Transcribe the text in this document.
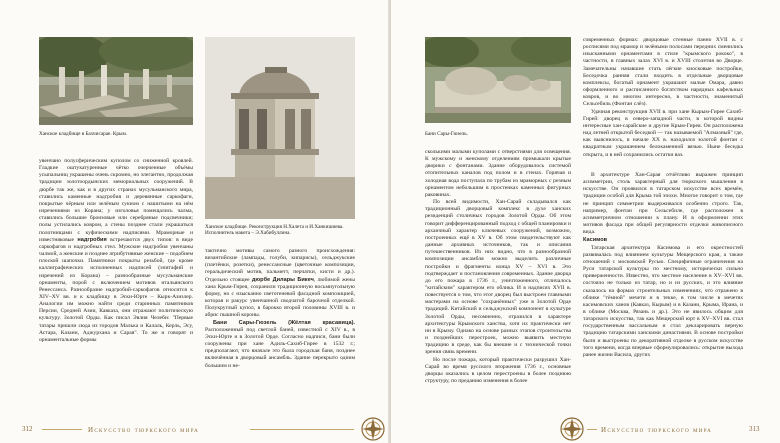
Ханское кладбище в Бахчисарае. Крым.
Ханское кладбище. Реконструкция Н.Халета и И.Ханкишиева. Исполнитель макета – Э.Хабибуллина.

увенчано полусферическим куполом со сниженной кровлей. Гладкие оштукатуренные чётко очерченные объёмы усыпальниц украшены очень скромно, но элегантно, продолжая традиции золотоордынских мемориальных сооружений. В дюрбе так же, как и в других странах мусульманского мира, ставились каменные надгробия и деревянные саркофаги, покрытые чёрным или зелёным сукном с нашитыми на нём изречениями из Корана; у изголовья помещались чалма, ставились большие бронзовые или серебряные подсвечники; полы устилались ковром, а стены позднее стали украшаться полотнищами с куфическими надписями. Мраморные и известняковые надгробия встречаются двух типов: в виде саркофагов и надгробных стел. Мужские надгробия увенчаны чалмой, а женские и позднее атрибутивные женские – подобием плоской шапочки. Памятники покрыты резьбой, где кроме каллиграфических исполненных надписей (эпитафий и изречений из Корана) – разнообразные мусульманские орнаменты, порой с включением мотивов итальянского Ренессанса. Разнообразие надгробий-саркофагов относится к XIV–XV вв. и к кладбищу в Эски-Юрте – Кырк-Азизлер. Аналогии им можно найти среди старинных памятников Персии, Средней Азии, Кавказа, они отражают политическую культуру. Золотой Орды. Как писал Эвлия Челеби: "Первые татары пришли сюда из городов Малька и Калаль, Керль, Эсу, Астара, Казани, Аджурхана и Сарая". То же и говорят и орнаментальные формы

тактично мотивы самого разного происхождения: византийские (лампады, голуби, кипарисы), сельджукские (плетёнки, розетки), ренессансные (цветочные композиции, геральдический мотив, пальметт, перчатки, кисти и др.). Отдельно стоящее дюрбе Дилары Бикеч, любимой жены хана Крым-Гирея, сохранили традиционную восьмиугольную форму, но с изысканно светотеневой фасадной композицией, которая и ракурс увенчанной сводчатой барочной отделкой. Полукруглый купол, в барокко второй половины XVIII в. и абрис пышной короны.

Бани Сары-Гюзель (Жёлтая красавица). Расположенный под светлой баней, известной с XIV в., в Эски-Юрте и в Золотой Орде. Согласно надписи, бани были сооружены при хане Адиль-Сахиб-Гирее в 1532 г.; предполагают, что вначале это была городская баня, позднее включённая в дворцовый ансамбль. Здание перекрыто одним большим и не-

312	Искусство тюркского мира
Бани Сары-Гюзель.

сколькими малыми куполами с отверстиями для освещения. К мужскому и женскому отделениям примыкали крытые дворики с фонтанами. Здание оборудовалось системой отопительных каналов под полом и в стенах. Горячая и холодная вода поступала по трубам из мраморных с резным орнаментом небольшим в простенках каменных фигурных раковинах.

По всей видимости, Хан-Сарай складывался как традиционный дворцовый комплекс в духе ханских резиденций столичных городов Золотой Орды. Об этом говорит дифференцированный подход с общей планировки и архаичный характер ключевых сооружений, возможно, построенных ещё в XV в. Об этом свидетельствуют как данные архивных источников, так и описания путешественников. Из них видно, что в разнообразной композиции ансамбля можно выделить различные постройки и фрагменты конца XV – XVI в. Это подтверждает и постановления современных. Здание дворца до его пожара в 1736 г., уничтоженного, отличалось "китайским" характером его облика. И в надписях XVII в. повествуется о том, что этот дворец был выстроен главными мастерами на основе "сохранённых" уже в Золотой Орде традиций. Китайский и сельджукский компонент в культуре Золотой Орды, несомненно, отразился в характере архитектуры Крымского ханства, хотя их практически нет ни в Крыму. Однако на основе разных этапов строительства и позднейших перестроек, можно выявить местную традицию в среде, как бы внешне и с технической точки зрения связь времени.

Но после пожара, который практически разрушил Хан-Сарай во время русского вторжения 1736 г., основные дворцы оказались в целом перестроены в более позднюю структуру, по преданию изменения в более

современных формах: дворцовые стенные панно XVII в. с росписями под мрамор и зелёными полосами передних сменились изысканными орнаментами в стиле "крымского рококо", в частности, в главных залах XVI в. и XVIII столетия во Дворце. Замечательны начавшие стать лёгкие киосковые постройки, Беседочка ранняя стали входить в отдельные дворцовые комплексы, богатый орнамент украшают малые Омара, давно оформленного и расписанного богатством нарядных кафельных ковров, и во многом интересно, в частности, знаменитый Сельсебиль (Фонтан слёз).

Удачная реконструкция XVII в. при хане Кырым-Гирее Сахиб-Гирей: дворец в северо-западной части, в которой видны интересные хан-сарайские и другие Крым-Гирея. Он расположена над летней открытой беседкой — так называемой "Алмазный" где, как выяснилось, в начале XX в. находился золотой фонтан с квадратным украшением белокаменной вязью. Ныне беседка открыта, и в ней сохранились остатки ваз.

В архитектуре Хан-Сарая отчётливо выражен принцип асимметрии, столь характерный для тюркского мышления в искусстве. Он проявился в татарском искусстве всех времён, традиции особой для Крыма той эпохи. Многое говорит о том, где не принцип симметрии выдерживался особенно строго. Так, например, фонтан при Сельсебиле, где расположен в асимметричном отношении к плану. И в оформлении этих мотивов фасада при общей регулярности отделки живописного вида.

Касимов

Татарская архитектура Касимова и его окрестностей развивалась под влиянием культуры Мещерского края, а также отношений с московской Русью. Специфичные ограничения на Руси татарской культуры по местному, исторически сильно приверженности. Известно, что местное население в XV–XVI вв. состояло не только из татар, но и из русских, и это влияние сказалось на формах строительных изменениях, что отражено в облике "тёмной" мечети и в текке, в том числе в мечетях касимовских ханов (Кавказ, Кырым) и в Казани, Крыма, Ирана, и в облике (Москва, Рязань и др.). Это не явилось общим для татарского искусства, так как Мещерский юрт в XV–XVI вв. стал государственным вассальным и стал декларировать верную традицию татарскими ханскими династиями. В основе постройки были и выстроены по декоративной отделке в русском искусстве того времени, когда впервые сформулировались: открытие выхода ранее жизни Васила, других

Искусство тюркского мира	313
